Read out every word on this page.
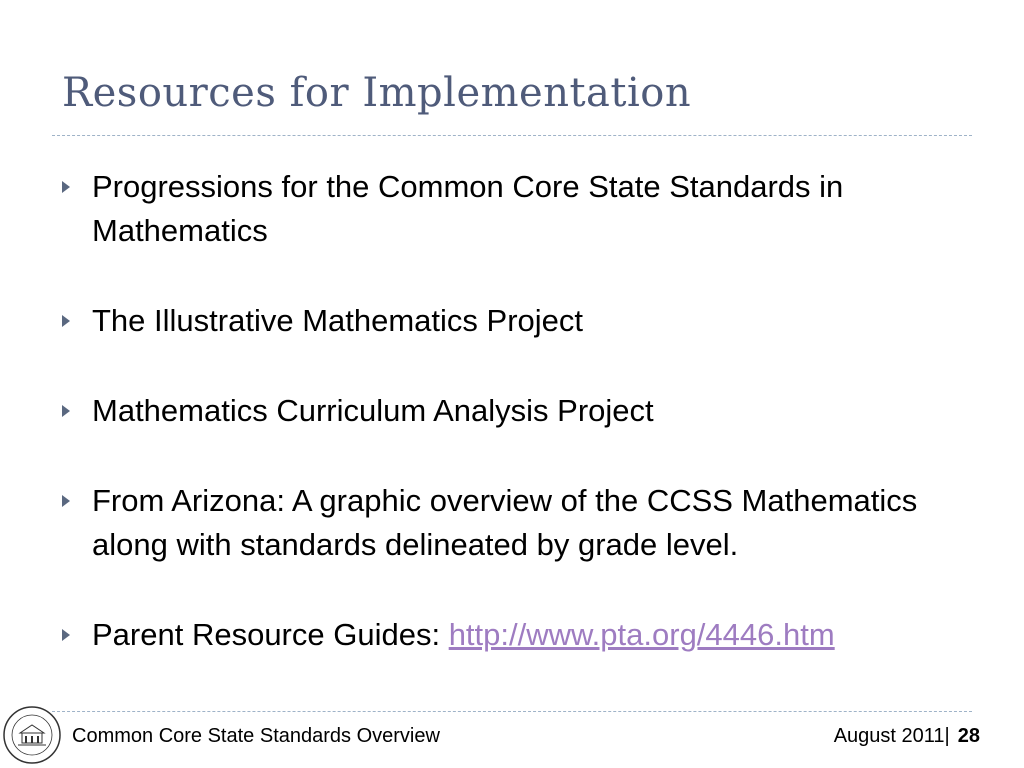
Resources for Implementation
Progressions for the Common Core State Standards in Mathematics
The Illustrative Mathematics Project
Mathematics Curriculum Analysis Project
From Arizona: A graphic overview of the CCSS Mathematics along with standards delineated by grade level.
Parent Resource Guides: http://www.pta.org/4446.htm
Common Core State Standards Overview	August 2011| 28
